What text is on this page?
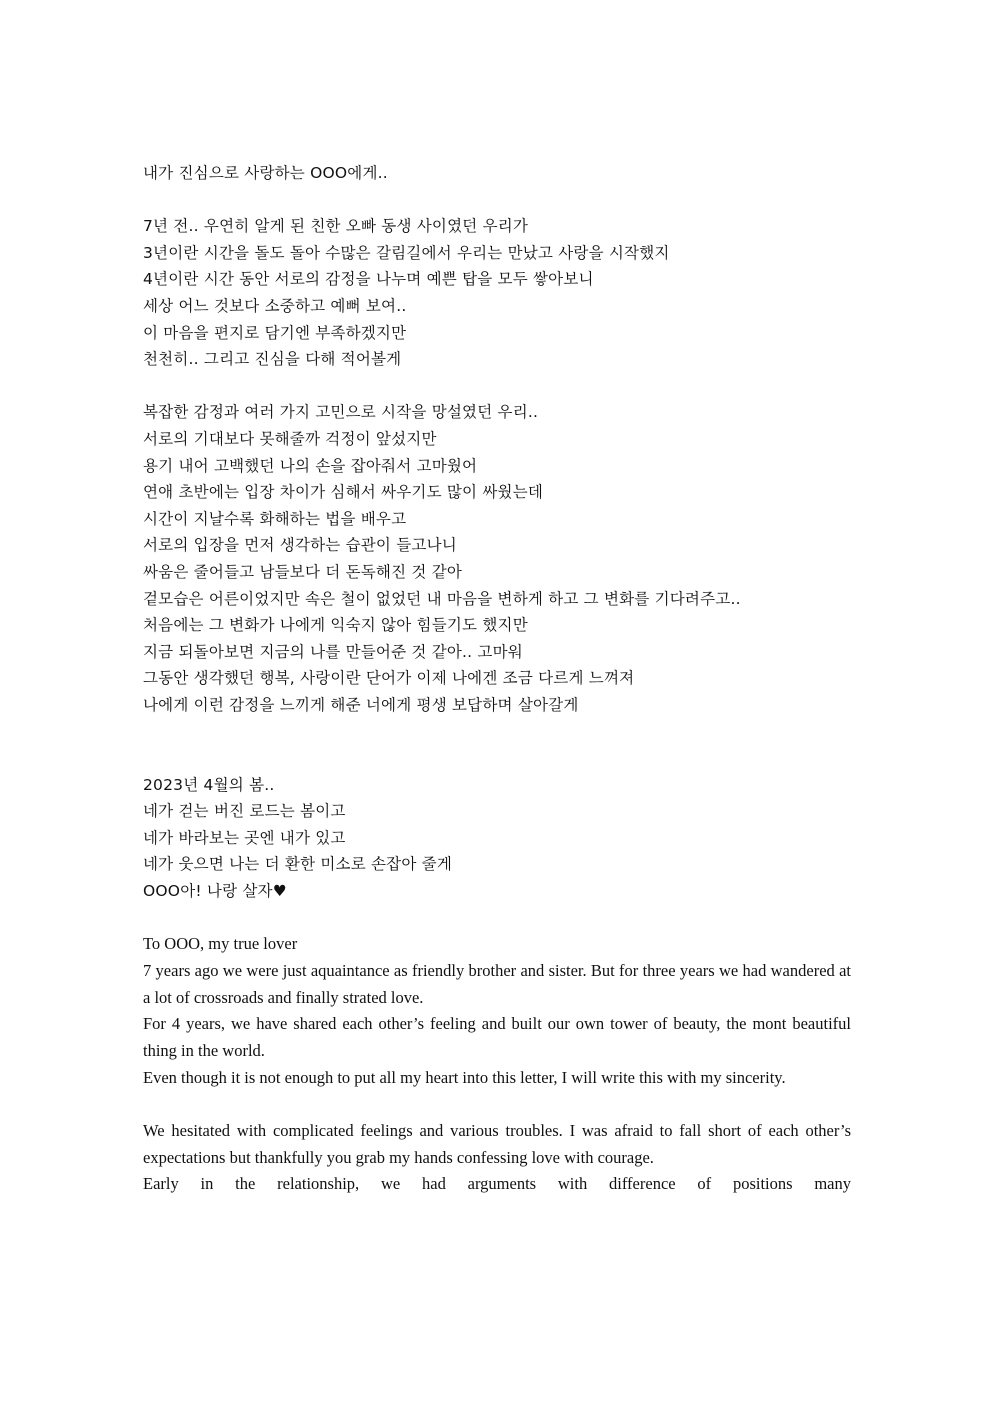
내가 진심으로 사랑하는 OOO에게..
7년 전.. 우연히 알게 된 친한 오빠 동생 사이였던 우리가
3년이란 시간을 돌도 돌아 수많은 갈림길에서 우리는 만났고 사랑을 시작했지
4년이란 시간 동안 서로의 감정을 나누며 예쁜 탑을 모두 쌓아보니
세상 어느 것보다 소중하고 예뻐 보여..
이 마음을 편지로 담기엔 부족하겠지만
천천히.. 그리고 진심을 다해 적어볼게
복잡한 감정과 여러 가지 고민으로 시작을 망설였던 우리..
서로의 기대보다 못해줄까 걱정이 앞섰지만
용기 내어 고백했던 나의 손을 잡아줘서 고마웠어
연애 초반에는 입장 차이가 심해서 싸우기도 많이 싸웠는데
시간이 지날수록 화해하는 법을 배우고
서로의 입장을 먼저 생각하는 습관이 들고나니
싸움은 줄어들고 남들보다 더 돈독해진 것 같아
겉모습은 어른이었지만 속은 철이 없었던 내 마음을 변하게 하고 그 변화를 기다려주고..
처음에는 그 변화가 나에게 익숙지 않아 힘들기도 했지만
지금 되돌아보면 지금의 나를 만들어준 것 같아.. 고마워
그동안 생각했던 행복, 사랑이란 단어가 이제 나에겐 조금 다르게 느껴져
나에게 이런 감정을 느끼게 해준 너에게 평생 보답하며 살아갈게
2023년 4월의 봄..
네가 걷는 버진 로드는 봄이고
네가 바라보는 곳엔 내가 있고
네가 웃으면 나는 더 환한 미소로 손잡아 줄게
OOO아! 나랑 살자♥
To OOO, my true lover

7 years ago we were just aquaintance as friendly brother and sister. But for three years we had wandered at a lot of crossroads and finally strated love.

For 4 years, we have shared each other’s feeling and built our own tower of beauty, the mont beautiful thing in the world.

Even though it is not enough to put all my heart into this letter, I will write this with my sincerity.

We hesitated with complicated feelings and various troubles. I was afraid to fall short of each other’s expectations but thankfully you grab my hands confessing love with courage.

Early in the relationship, we had arguments with difference of positions many
